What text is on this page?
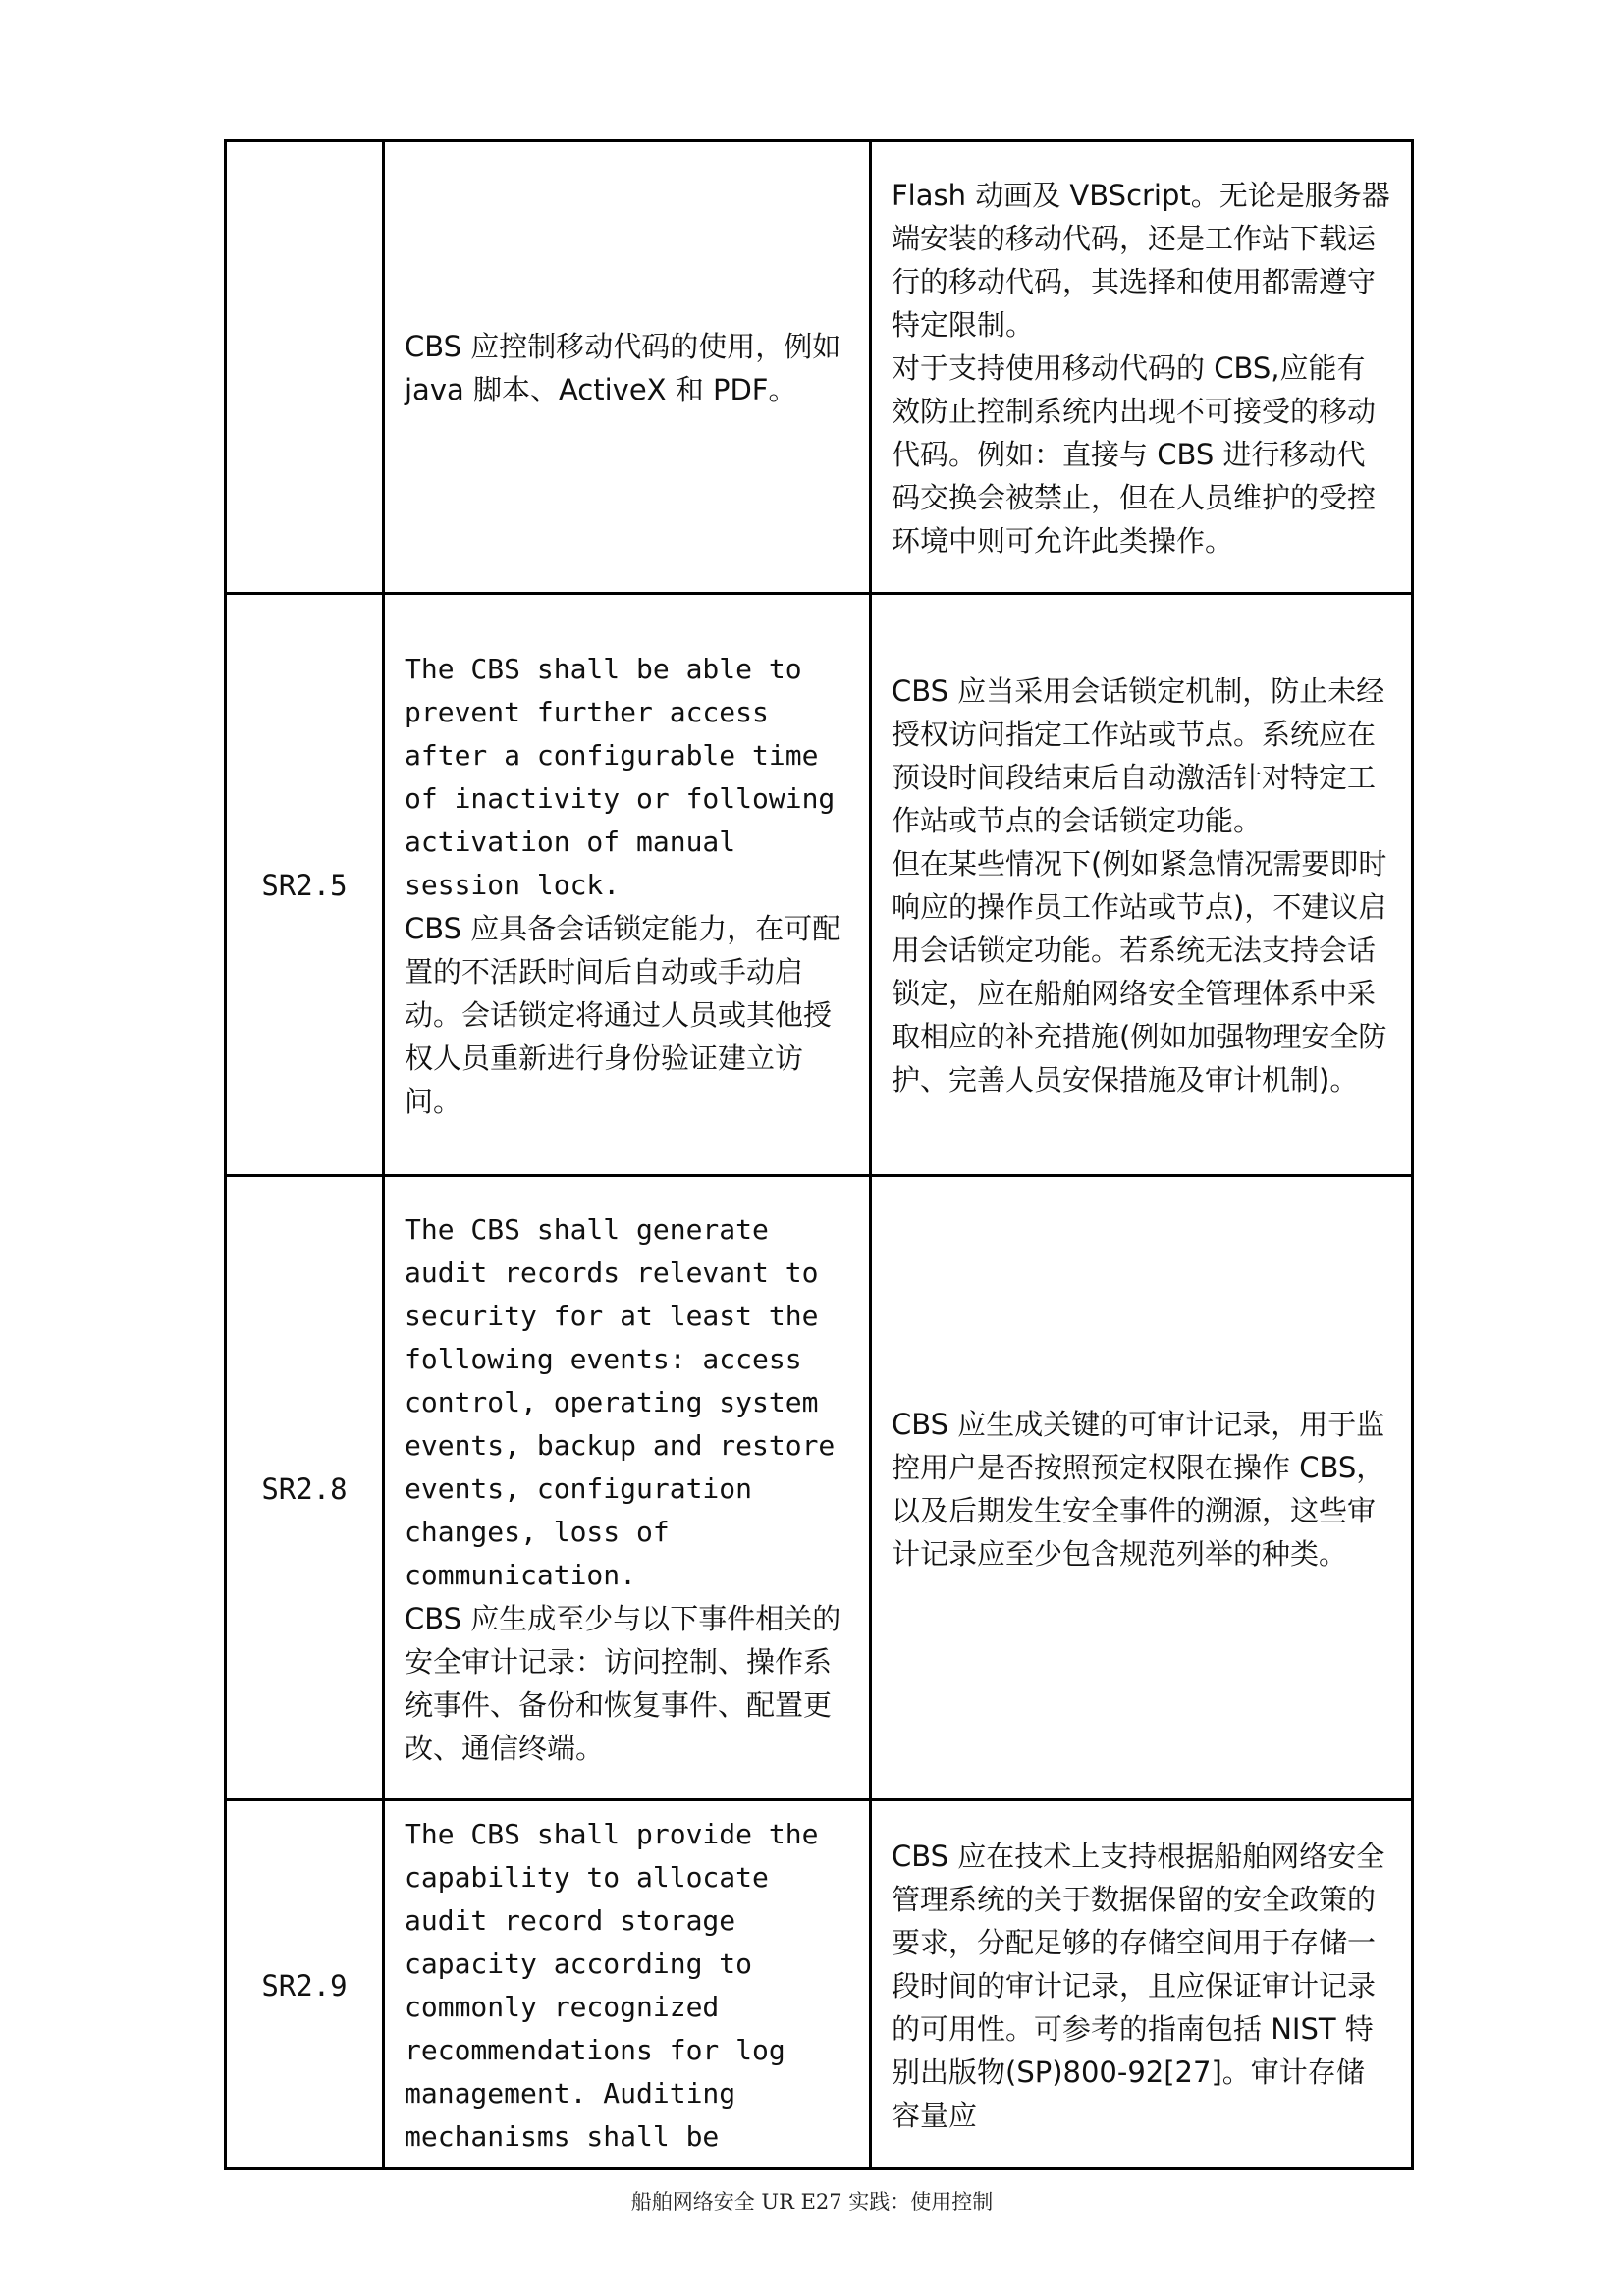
	CBS 应控制移动代码的使用，例如 java 脚本、ActiveX 和 PDF。	Flash 动画及 VBScript。无论是服务器端安装的移动代码，还是工作站下载运行的移动代码，其选择和使用都需遵守特定限制。
对于支持使用移动代码的 CBS,应能有效防止控制系统内出现不可接受的移动代码。例如：直接与 CBS 进行移动代码交换会被禁止，但在人员维护的受控环境中则可允许此类操作。

SR2.5	The CBS shall be able to prevent further access after a configurable time of inactivity or following activation of manual session lock.
CBS 应具备会话锁定能力，在可配置的不活跃时间后自动或手动启动。会话锁定将通过人员或其他授权人员重新进行身份验证建立访问。	CBS 应当采用会话锁定机制，防止未经授权访问指定工作站或节点。系统应在预设时间段结束后自动激活针对特定工作站或节点的会话锁定功能。
但在某些情况下(例如紧急情况需要即时响应的操作员工作站或节点)，不建议启用会话锁定功能。若系统无法支持会话锁定，应在船舶网络安全管理体系中采取相应的补充措施(例如加强物理安全防护、完善人员安保措施及审计机制)。

SR2.8	The CBS shall generate audit records relevant to security for at least the following events: access control, operating system events, backup and restore events, configuration changes, loss of communication.
CBS 应生成至少与以下事件相关的安全审计记录：访问控制、操作系统事件、备份和恢复事件、配置更改、通信终端。	CBS 应生成关键的可审计记录，用于监控用户是否按照预定权限在操作 CBS，以及后期发生安全事件的溯源，这些审计记录应至少包含规范列举的种类。

SR2.9	The CBS shall provide the capability to allocate audit record storage capacity according to commonly recognized recommendations for log management. Auditing mechanisms shall be	CBS 应在技术上支持根据船舶网络安全管理系统的关于数据保留的安全政策的要求，分配足够的存储空间用于存储一段时间的审计记录，且应保证审计记录的可用性。可参考的指南包括 NIST 特别出版物(SP)800-92[27]。审计存储容量应
船舶网络安全 UR E27 实践：使用控制
